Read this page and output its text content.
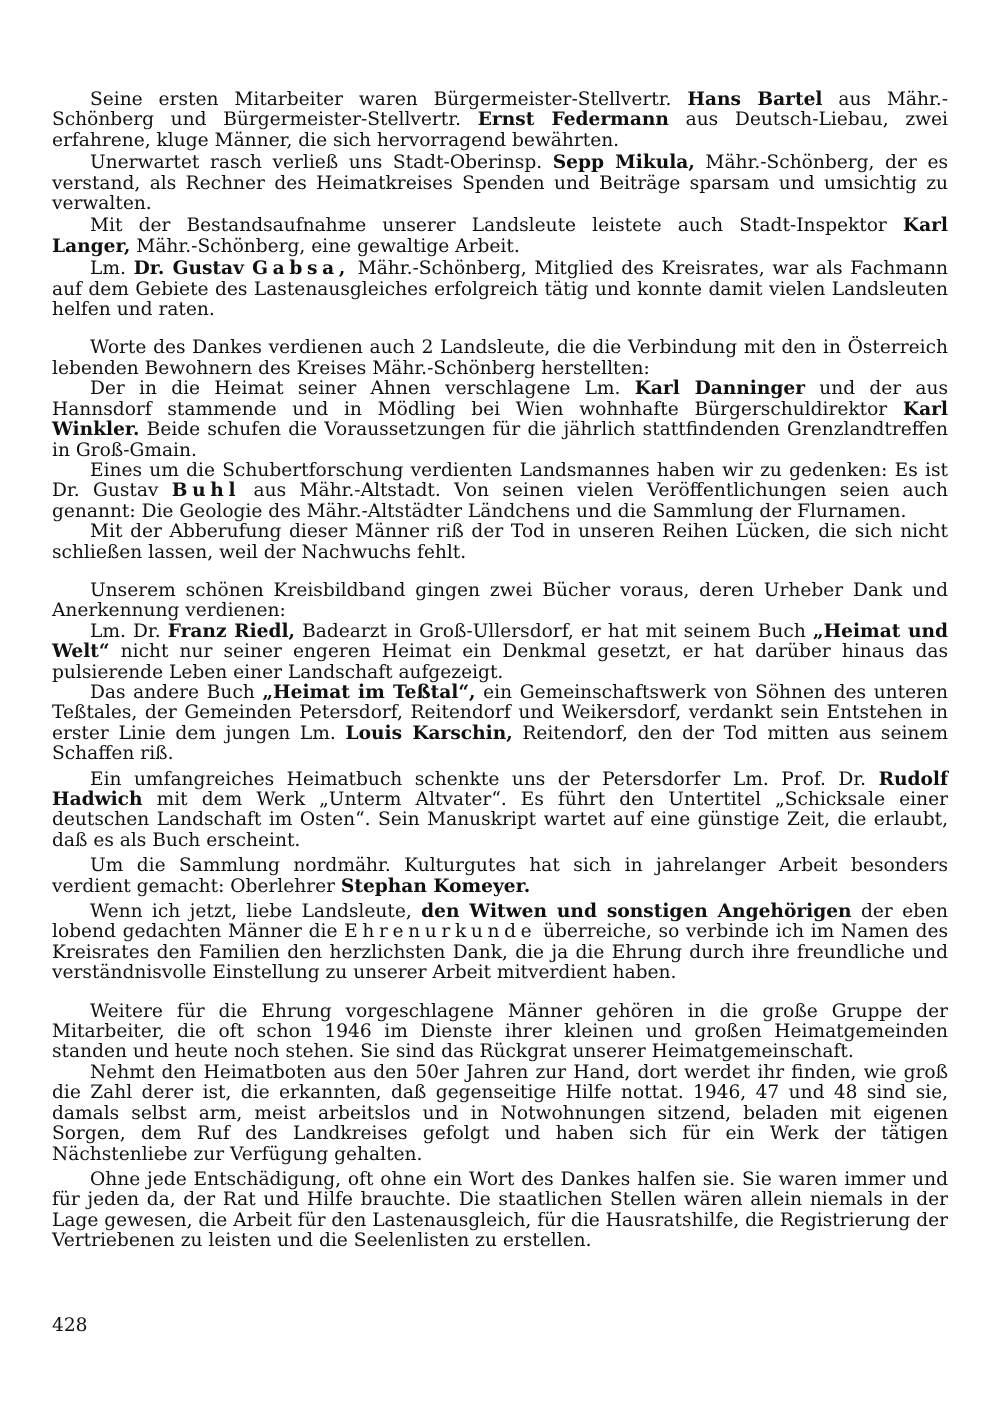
Seine ersten Mitarbeiter waren Bürgermeister-Stellvertr. Hans Bartel aus Mähr.-Schönberg und Bürgermeister-Stellvertr. Ernst Federmann aus Deutsch-Liebau, zwei erfahrene, kluge Männer, die sich hervorragend bewährten.

Unerwartet rasch verließ uns Stadt-Oberinsp. Sepp Mikula, Mähr.-Schönberg, der es verstand, als Rechner des Heimatkreises Spenden und Beiträge sparsam und umsichtig zu verwalten.

Mit der Bestandsaufnahme unserer Landsleute leistete auch Stadt-Inspektor Karl Langer, Mähr.-Schönberg, eine gewaltige Arbeit.

Lm. Dr. Gustav Gabsa, Mähr.-Schönberg, Mitglied des Kreisrates, war als Fachmann auf dem Gebiete des Lastenausgleiches erfolgreich tätig und konnte damit vielen Landsleuten helfen und raten.

Worte des Dankes verdienen auch 2 Landsleute, die die Verbindung mit den in Österreich lebenden Bewohnern des Kreises Mähr.-Schönberg herstellten:

Der in die Heimat seiner Ahnen verschlagene Lm. Karl Danninger und der aus Hannsdorf stammende und in Mödling bei Wien wohnhafte Bürgerschuldirektor Karl Winkler. Beide schufen die Voraussetzungen für die jährlich stattfindenden Grenzlandtreffen in Groß-Gmain.

Eines um die Schubertforschung verdienten Landsmannes haben wir zu gedenken: Es ist Dr. Gustav Buhl aus Mähr.-Altstadt. Von seinen vielen Veröffentlichungen seien auch genannt: Die Geologie des Mähr.-Altstädter Ländchens und die Sammlung der Flurnamen.

Mit der Abberufung dieser Männer riß der Tod in unseren Reihen Lücken, die sich nicht schließen lassen, weil der Nachwuchs fehlt.

Unserem schönen Kreisbildband gingen zwei Bücher voraus, deren Urheber Dank und Anerkennung verdienen:

Lm. Dr. Franz Riedl, Badearzt in Groß-Ullersdorf, er hat mit seinem Buch „Heimat und Welt“ nicht nur seiner engeren Heimat ein Denkmal gesetzt, er hat darüber hinaus das pulsierende Leben einer Landschaft aufgezeigt.

Das andere Buch „Heimat im Teßtal“, ein Gemeinschaftswerk von Söhnen des unteren Teßtales, der Gemeinden Petersdorf, Reitendorf und Weikersdorf, verdankt sein Entstehen in erster Linie dem jungen Lm. Louis Karschin, Reitendorf, den der Tod mitten aus seinem Schaffen riß.

Ein umfangreiches Heimatbuch schenkte uns der Petersdorfer Lm. Prof. Dr. Rudolf Hadwich mit dem Werk „Unterm Altvater“. Es führt den Untertitel „Schicksale einer deutschen Landschaft im Osten“. Sein Manuskript wartet auf eine günstige Zeit, die erlaubt, daß es als Buch erscheint.

Um die Sammlung nordmähr. Kulturgutes hat sich in jahrelanger Arbeit besonders verdient gemacht: Oberlehrer Stephan Komeyer.

Wenn ich jetzt, liebe Landsleute, den Witwen und sonstigen Angehörigen der eben lobend gedachten Männer die Ehrenurkunde überreiche, so verbinde ich im Namen des Kreisrates den Familien den herzlichsten Dank, die ja die Ehrung durch ihre freundliche und verständnisvolle Einstellung zu unserer Arbeit mitverdient haben.

Weitere für die Ehrung vorgeschlagene Männer gehören in die große Gruppe der Mitarbeiter, die oft schon 1946 im Dienste ihrer kleinen und großen Heimatgemeinden standen und heute noch stehen. Sie sind das Rückgrat unserer Heimatgemeinschaft.

Nehmt den Heimatboten aus den 50er Jahren zur Hand, dort werdet ihr finden, wie groß die Zahl derer ist, die erkannten, daß gegenseitige Hilfe nottat. 1946, 47 und 48 sind sie, damals selbst arm, meist arbeitslos und in Notwohnungen sitzend, beladen mit eigenen Sorgen, dem Ruf des Landkreises gefolgt und haben sich für ein Werk der tätigen Nächstenliebe zur Verfügung gehalten.

Ohne jede Entschädigung, oft ohne ein Wort des Dankes halfen sie. Sie waren immer und für jeden da, der Rat und Hilfe brauchte. Die staatlichen Stellen wären allein niemals in der Lage gewesen, die Arbeit für den Lastenausgleich, für die Hausratshilfe, die Registrierung der Vertriebenen zu leisten und die Seelenlisten zu erstellen.

428
